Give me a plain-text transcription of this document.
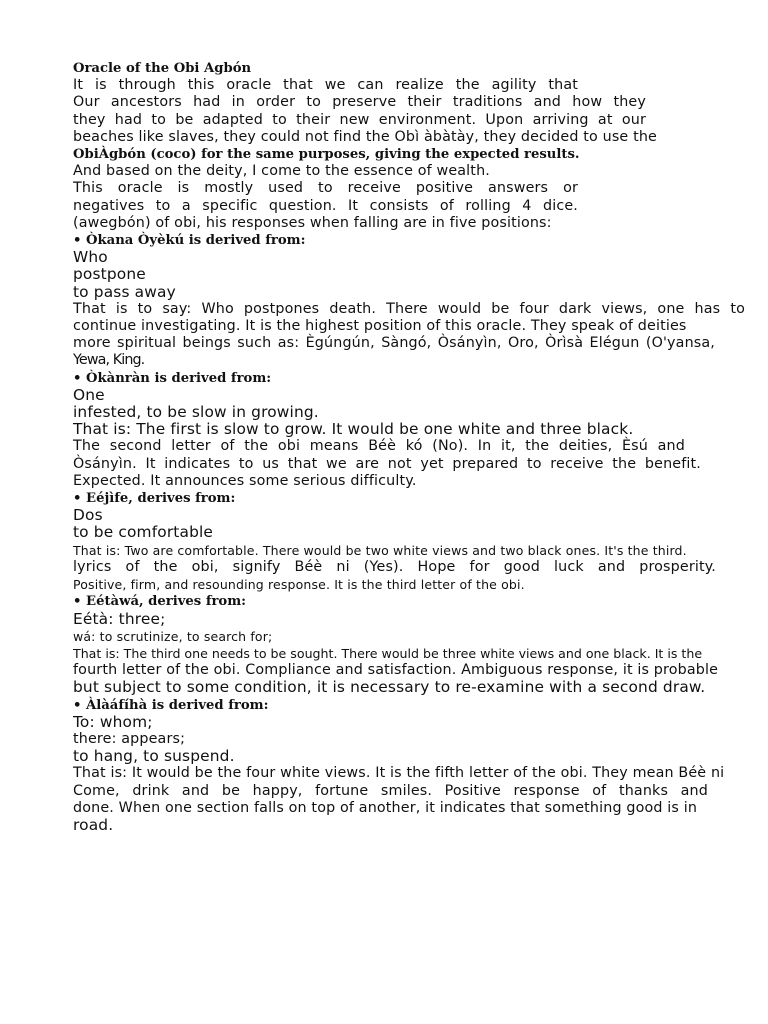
Oracle of the Obi Agbón
It is through this oracle that we can realize the agility that
Our ancestors had in order to preserve their traditions and how they
they had to be adapted to their new environment. Upon arriving at our
beaches like slaves, they could not find the Obì àbàtày, they decided to use the
ObiÀgbón (coco) for the same purposes, giving the expected results.
And based on the deity, I come to the essence of wealth.
This oracle is mostly used to receive positive answers or
negatives to a specific question. It consists of rolling 4 dice.
(awegbón) of obi, his responses when falling are in five positions:
• Òkana Òyèkú is derived from:
Who
postpone
to pass away
That is to say: Who postpones death. There would be four dark views, one has to
continue investigating. It is the highest position of this oracle. They speak of deities
more spiritual beings such as: Ègúngún, Sàngó, Òsányìn, Oro, Òrìsà Elégun (O'yansa,
Yewa, King.
• Òkànràn is derived from:
One
infested, to be slow in growing.
That is: The first is slow to grow. It would be one white and three black.
The second letter of the obi means Béè kó (No). In it, the deities, Èsú and
Òsányìn. It indicates to us that we are not yet prepared to receive the benefit.
Expected. It announces some serious difficulty.
• Eéjìfe, derives from:
Dos
to be comfortable
That is: Two are comfortable. There would be two white views and two black ones. It's the third.
lyrics of the obi, signify Béè ni (Yes). Hope for good luck and prosperity.
Positive, firm, and resounding response. It is the third letter of the obi.
• Eétàwá, derives from:
Eétà: three;
wá: to scrutinize, to search for;
That is: The third one needs to be sought. There would be three white views and one black. It is the
fourth letter of the obi. Compliance and satisfaction. Ambiguous response, it is probable
but subject to some condition, it is necessary to re-examine with a second draw.
• Àlàáfíhà is derived from:
To: whom;
there: appears;
to hang, to suspend.
That is: It would be the four white views. It is the fifth letter of the obi. They mean Béè ni
Come, drink and be happy, fortune smiles. Positive response of thanks and
done. When one section falls on top of another, it indicates that something good is in
road.
